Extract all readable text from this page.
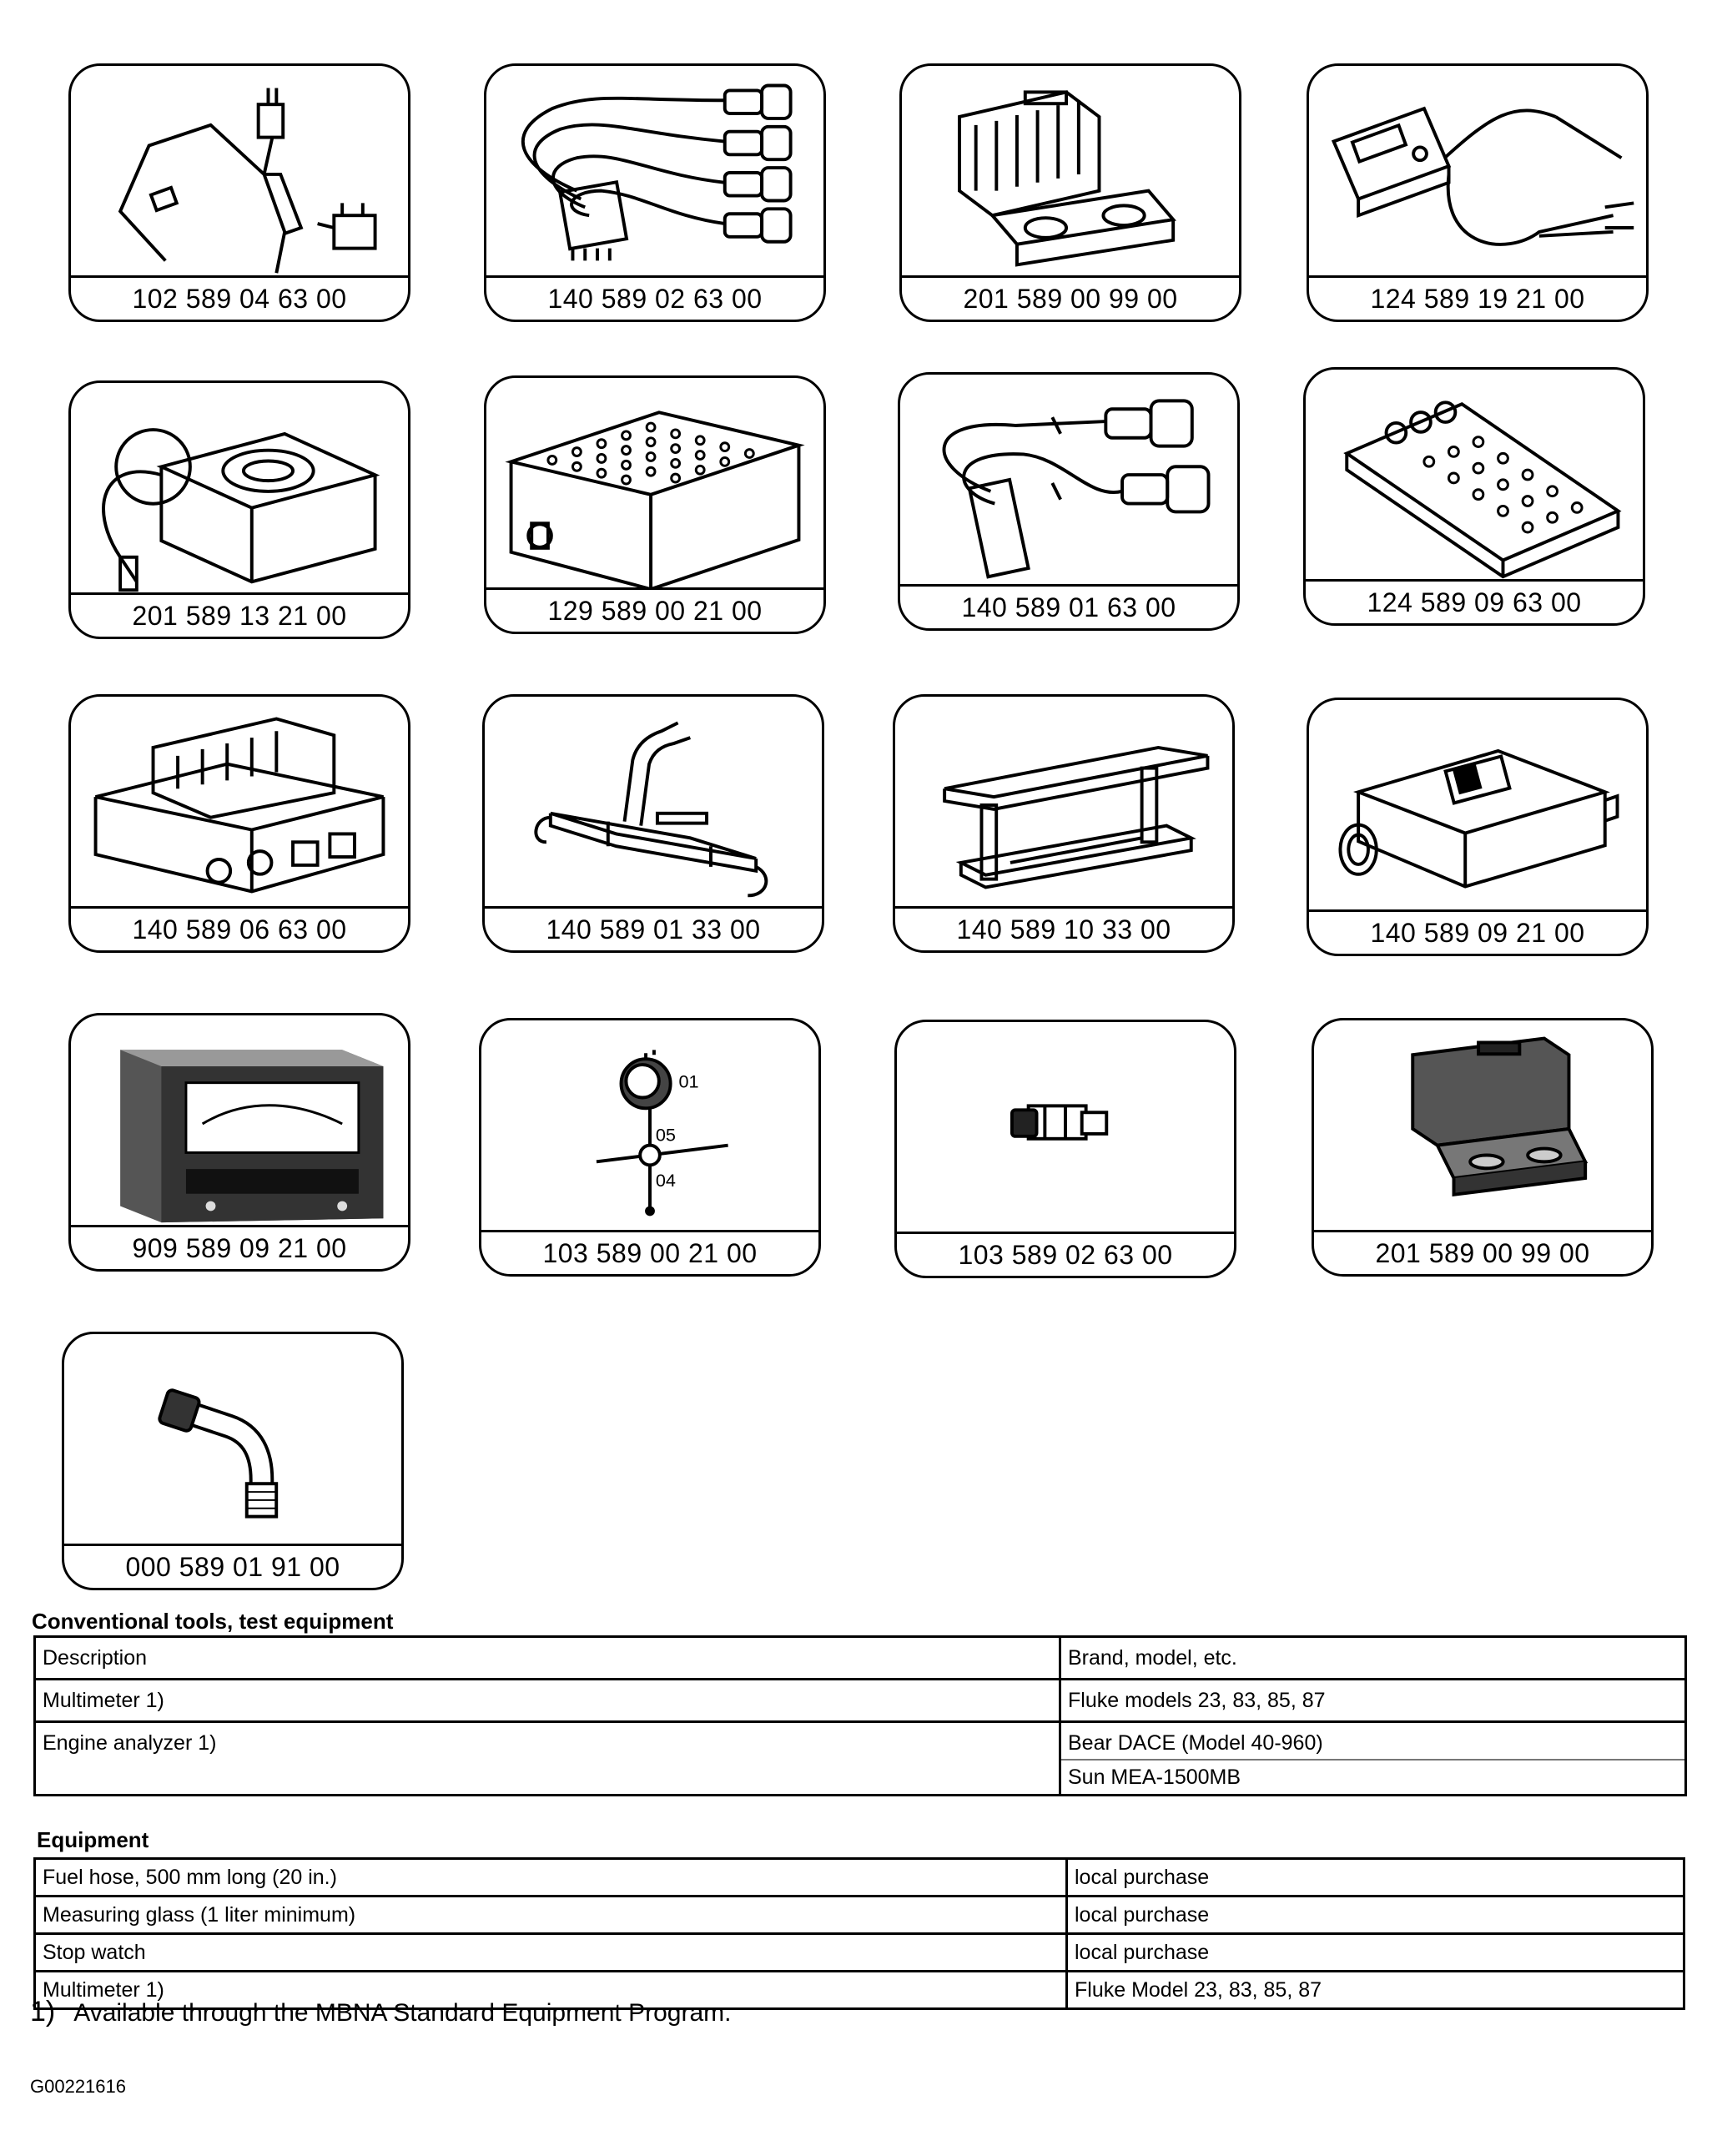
102 589 04 63 00	140 589 02 63 00	201 589 00 99 00	124 589 19 21 00
201 589 13 21 00	129 589 00 21 00	140 589 01 63 00	124 589 09 63 00
140 589 06 63 00	140 589 01 33 00	140 589 10 33 00	140 589 09 21 00
909 589 09 21 00
01
05
04
103 589 00 21 00	103 589 02 63 00	201 589 00 99 00
000 589 01 91 00
Conventional tools, test equipment
Description	Brand, model, etc.
Multimeter 1)	Fluke models 23, 83, 85, 87
Engine analyzer 1)	Bear DACE (Model 40-960)
Sun MEA-1500MB
Equipment
Fuel hose, 500 mm long (20 in.)	local purchase
Measuring glass (1 liter minimum)	local purchase
Stop watch	local purchase
Multimeter 1)	Fluke Model 23, 83, 85, 87
1) Available through the MBNA Standard Equipment Program.
G00221616
